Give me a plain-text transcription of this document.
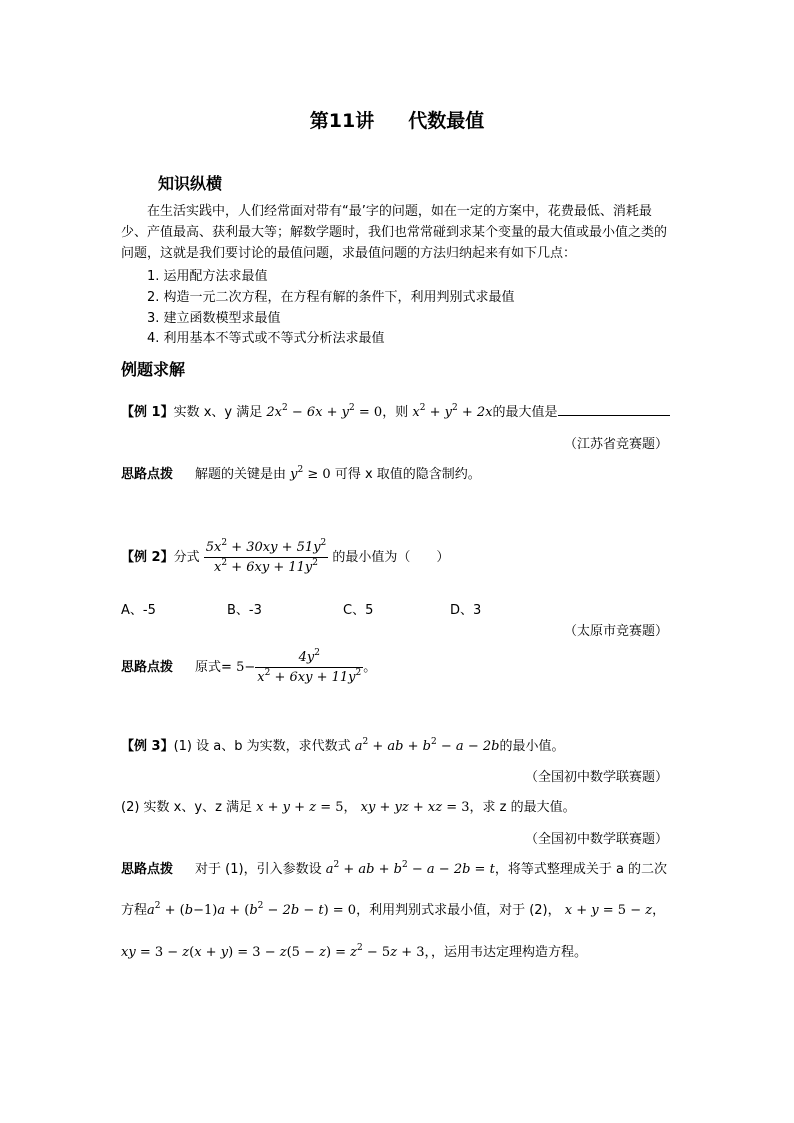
第11讲 代数最值
知识纵横
在生活实践中，人们经常面对带有“最’字的问题，如在一定的方案中，花费最低、消耗最少、产值最高、获利最大等；解数学题时，我们也常常碰到求某个变量的最大值或最小值之类的问题，这就是我们要讨论的最值问题，求最值问题的方法归纳起来有如下几点：
1. 运用配方法求最值
2. 构造一元二次方程，在方程有解的条件下，利用判别式求最值
3. 建立函数模型求最值
4. 利用基本不等式或不等式分析法求最值
例题求解
【例 1】实数 x、y 满足 $2x^2 - 6x + y^2 = 0$，则 $x^2 + y^2 + 2x$的最大值是
（江苏省竞赛题）
思路点拨 解题的关键是由 $y^2 \ge 0$ 可得 x 取值的隐含制约。
【例 2】分式 $\frac{5x^2 + 30xy + 51y^2}{x^2 + 6xy + 11y^2}$ 的最小值为（　　）
A、-5	B、-3	C、5	D、3
（太原市竞赛题）
思路点拨 原式= $5- \frac{4y^2}{x^2 + 6xy + 11y^2}$ 。
【例 3】(1) 设 a、b 为实数，求代数式 $a^2$ + ab + $b^2 - a - 2b$的最小值。
（全国初中数学联赛题）
(2) 实数 x、y、z 满足 x + y + z = 5， xy + yz + xz = 3，求 z 的最大值。
（全国初中数学联赛题）
思路点拨 对于 (1)，引入参数设 $a^2$ + ab + $b^2 - a - 2b = t$，将等式整理成关于 a 的二次
方程$a^2 + (b-1)a + (b^2 - 2b - t) = 0$，利用判别式求最小值，对于 (2)， x + y = 5 − z，
xy = $3 - z(x + y) = 3 - z(5 - z) = z^2 - 5z + 3$，，运用韦达定理构造方程。
